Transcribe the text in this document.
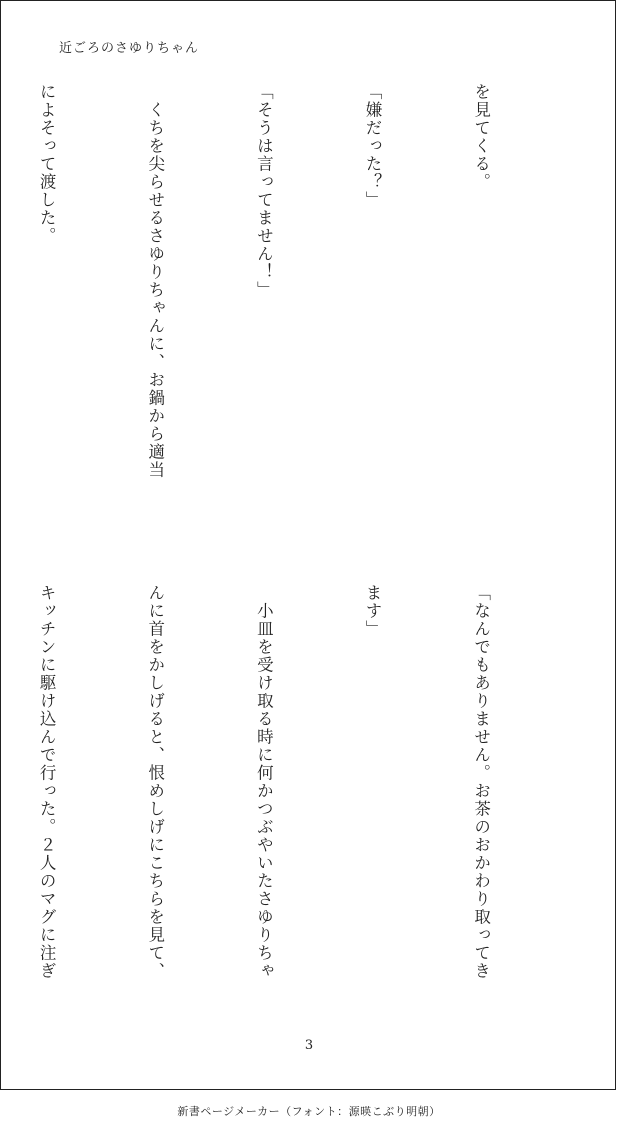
近ごろのさゆりちゃん

を見てくる。

「嫌だった？」

「そうは言ってません！」

　くちを尖らせるさゆりちゃんに、お鍋から適当

によそって渡した。

「なんでもありません。お茶のおかわり取ってき

ます」

　小皿を受け取る時に何かつぶやいたさゆりちゃ

んに首をかしげると、恨めしげにこちらを見て、

キッチンに駆け込んで行った。２人のマグに注ぎ

3
新書ページメーカー（フォント：源暎こぶり明朝）
